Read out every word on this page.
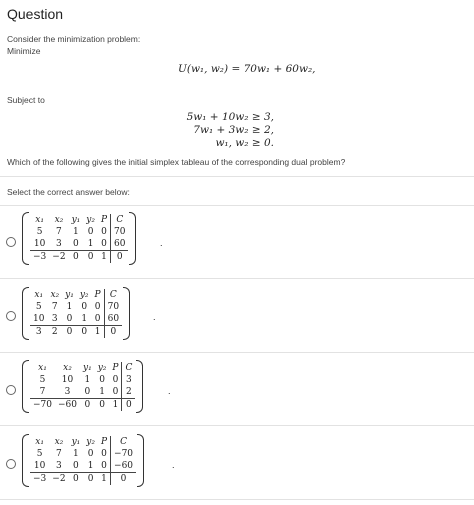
Question
Consider the minimization problem:
Minimize
U(w₁, w₂) = 70w₁ + 60w₂,
Subject to
5w₁ + 10w₂ ≥ 3,
7w₁ + 3w₂ ≥ 2,
w₁, w₂ ≥ 0.
Which of the following gives the initial simplex tableau of the corresponding dual problem?
Select the correct answer below:
x₁	x₂	y₁	y₂	P	C
5	7	1	0	0	70
10	3	0	1	0	60
−3	−2	0	0	1	0
.
x₁	x₂	y₁	y₂	P	C
5	7	1	0	0	70
10	3	0	1	0	60
3	2	0	0	1	0
.
x₁	x₂	y₁	y₂	P	C
5	10	1	0	0	3
7	3	0	1	0	2
−70	−60	0	0	1	0
.
x₁	x₂	y₁	y₂	P	C
5	7	1	0	0	−70
10	3	0	1	0	−60
−3	−2	0	0	1	0
.
